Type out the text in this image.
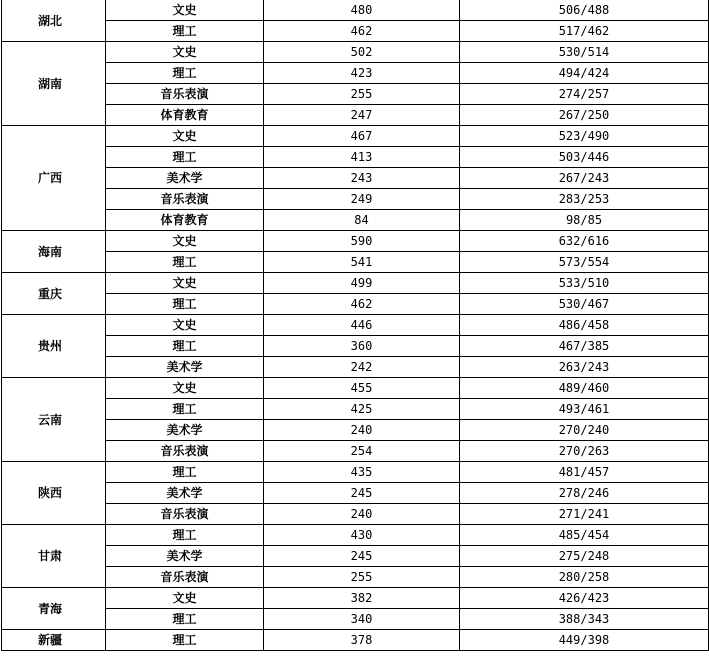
湖北	文史	480	506/488
	理工	462	517/462
湖南	文史	502	530/514
	理工	423	494/424
	音乐表演	255	274/257
	体育教育	247	267/250
广西	文史	467	523/490
	理工	413	503/446
	美术学	243	267/243
	音乐表演	249	283/253
	体育教育	84	98/85
海南	文史	590	632/616
	理工	541	573/554
重庆	文史	499	533/510
	理工	462	530/467
贵州	文史	446	486/458
	理工	360	467/385
	美术学	242	263/243
云南	文史	455	489/460
	理工	425	493/461
	美术学	240	270/240
	音乐表演	254	270/263
陕西	理工	435	481/457
	美术学	245	278/246
	音乐表演	240	271/241
甘肃	理工	430	485/454
	美术学	245	275/248
	音乐表演	255	280/258
青海	文史	382	426/423
	理工	340	388/343
新疆	理工	378	449/398
